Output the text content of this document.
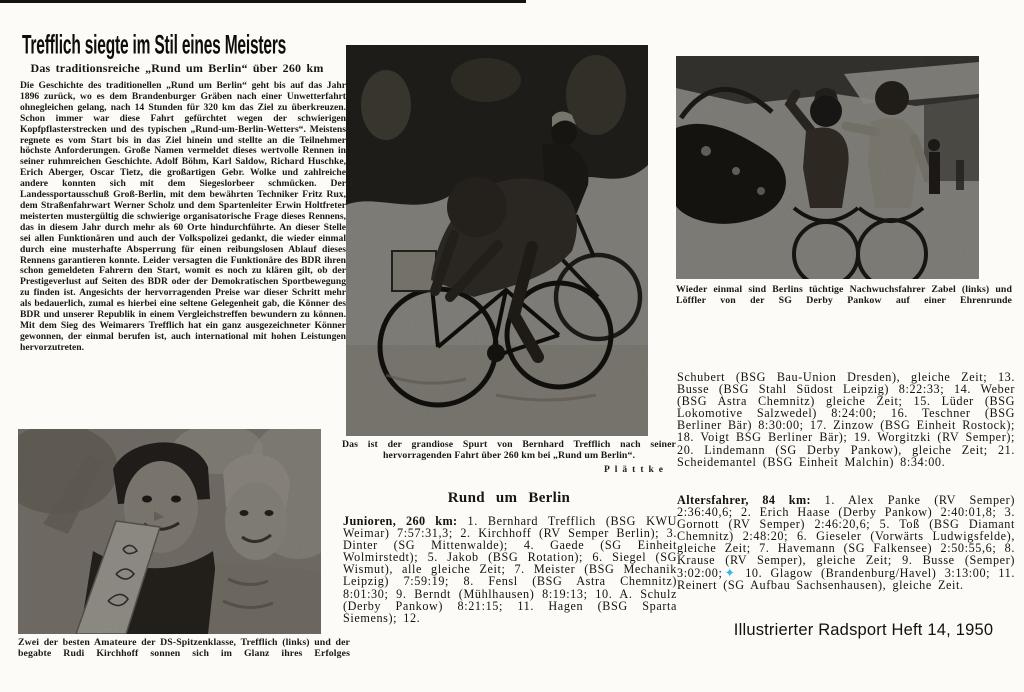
Trefflich siegte im Stil eines Meisters
Das traditionsreiche „Rund um Berlin“ über 260 km

Die Geschichte des traditionellen „Rund um Berlin“ geht bis auf das Jahr 1896 zurück, wo es dem Brandenburger Gräben nach einer Unwetterfahrt ohnegleichen gelang, nach 14 Stunden für 320 km das Ziel zu überkreuzen. Schon immer war diese Fahrt gefürchtet wegen der schwierigen Kopfpflasterstrecken und des typischen „Rund-um-Berlin-Wetters“. Meistens regnete es vom Start bis in das Ziel hinein und stellte an die Teilnehmer höchste Anforderungen. Große Namen vermeldet dieses wertvolle Rennen in seiner ruhmreichen Geschichte. Adolf Böhm, Karl Saldow, Richard Huschke, Erich Aberger, Oscar Tietz, die großartigen Gebr. Wolke und zahlreiche andere konnten sich mit dem Siegeslorbeer schmücken. Der Landessportausschuß Groß-Berlin, mit dem bewährten Techniker Fritz Rux, dem Straßenfahrwart Werner Scholz und dem Spartenleiter Erwin Holtfreter meisterten mustergültig die schwierige organisatorische Frage dieses Rennens, das in diesem Jahr durch mehr als 60 Orte hindurchführte. An dieser Stelle sei allen Funktionären und auch der Volkspolizei gedankt, die wieder einmal durch eine musterhafte Absperrung für einen reibungslosen Ablauf dieses Rennens garantieren konnte. Leider versagten die Funktionäre des BDR ihren schon gemeldeten Fahrern den Start, womit es noch zu klären gilt, ob der Prestigeverlust auf Seiten des BDR oder der Demokratischen Sportbewegung zu finden ist. Angesichts der hervorragenden Preise war dieser Schritt mehr als bedauerlich, zumal es hierbei eine seltene Gelegenheit gab, die Könner des BDR und unserer Republik in einem Vergleichstreffen bewundern zu können. Mit dem Sieg des Weimarers Trefflich hat ein ganz ausgezeichneter Könner gewonnen, der einmal berufen ist, auch international mit hohen Leistungen hervorzutreten.

Zwei der besten Amateure der DS-Spitzenklasse, Trefflich (links) und der begabte Rudi Kirchhoff sonnen sich im Glanz ihres Erfolges

Das ist der grandiose Spurt von Bernhard Trefflich nach seiner hervorragenden Fahrt über 260 km bei „Rund um Berlin“.

Plättke

Rund um Berlin

Junioren, 260 km: 1. Bernhard Trefflich (BSG KWU Weimar) 7:57:31,3; 2. Kirchhoff (RV Semper Berlin); 3. Dinter (SG Mittenwalde); 4. Gaede (SG Einheit Wolmirstedt); 5. Jakob (BSG Rotation); 6. Siegel (SG Wismut), alle gleiche Zeit; 7. Meister (BSG Mechanik Leipzig) 7:59:19; 8. Fensl (BSG Astra Chemnitz) 8:01:30; 9. Berndt (Mühlhausen) 8:19:13; 10. A. Schulz (Derby Pankow) 8:21:15; 11. Hagen (BSG Sparta Siemens); 12.

Wieder einmal sind Berlins tüchtige Nachwuchsfahrer Zabel (links) und Löffler von der SG Derby Pankow auf einer Ehrenrunde

Schubert (BSG Bau-Union Dresden), gleiche Zeit; 13. Busse (BSG Stahl Südost Leipzig) 8:22:33; 14. Weber (BSG Astra Chemnitz) gleiche Zeit; 15. Lüder (BSG Lokomotive Salzwedel) 8:24:00; 16. Teschner (BSG Berliner Bär) 8:30:00; 17. Zinzow (BSG Einheit Rostock); 18. Voigt BSG Berliner Bär); 19. Worgitzki (RV Semper); 20. Lindemann (SG Derby Pankow), gleiche Zeit; 21. Scheidemantel (BSG Einheit Malchin) 8:34:00.

Altersfahrer, 84 km: 1. Alex Panke (RV Semper) 2:36:40,6; 2. Erich Haase (Derby Pankow) 2:40:01,8; 3. Gornott (RV Semper) 2:46:20,6; 5. Toß (BSG Diamant Chemnitz) 2:48:20; 6. Gieseler (Vorwärts Ludwigsfelde), gleiche Zeit; 7. Havemann (SG Falkensee) 2:50:55,6; 8. Krause (RV Semper), gleiche Zeit; 9. Busse (Semper) 3:02:00; ✦ 10. Glagow (Brandenburg/Havel) 3:13:00; 11. Reinert (SG Aufbau Sachsenhausen), gleiche Zeit.

Illustrierter Radsport Heft 14, 1950
